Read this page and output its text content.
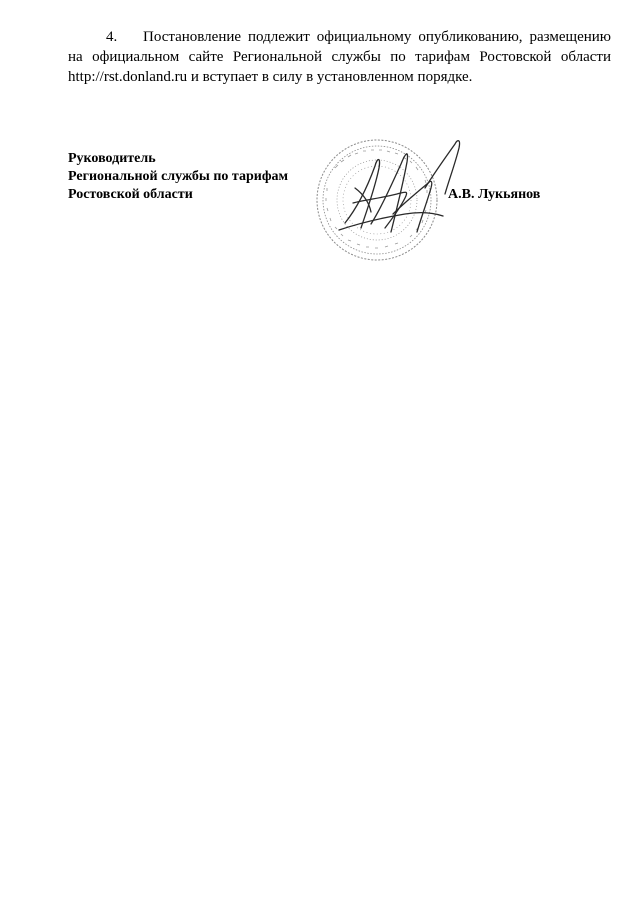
4. Постановление подлежит официальному опубликованию, размещению на официальном сайте Региональной службы по тарифам Ростовской области http://rst.donland.ru и вступает в силу в установленном порядке.

Руководитель
Региональной службы по тарифам
Ростовской области	А.В. Лукьянов
